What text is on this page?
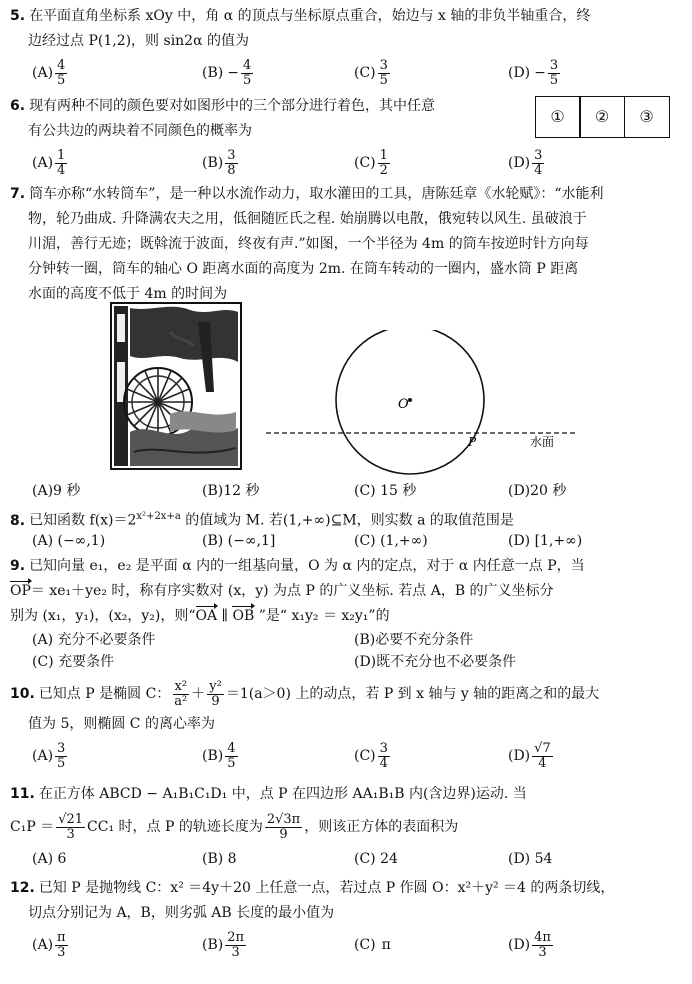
5. 在平面直角坐标系 xOy 中，角 α 的顶点与坐标原点重合，始边与 x 轴的非负半轴重合，终
边经过点 P(1,2)，则 sin2α 的值为
$(A) \frac{4}{5}$	$(B) - \frac{4}{5}$	$(C) \frac{3}{5}$	$(D) - \frac{3}{5}$
6. 现有两种不同的颜色要对如图形中的三个部分进行着色，其中任意
有公共边的两块着不同颜色的概率为
①	②	③
$(A) \frac{1}{4}$	$(B) \frac{3}{8}$	$(C) \frac{1}{2}$	$(D) \frac{3}{4}$
7. 筒车亦称“水转筒车”，是一种以水流作动力，取水灌田的工具，唐陈廷章《水轮赋》：“水能利
物，轮乃曲成. 升降满农夫之用，低徊随匠氏之程. 始崩腾以电散，俄宛转以风生. 虽破浪于
川湄，善行无迹；既斡流于波面，终夜有声.”如图，一个半径为 4m 的筒车按逆时针方向每
分钟转一圈，筒车的轴心 O 距离水面的高度为 2m. 在筒车转动的一圈内，盛水筒 P 距离
水面的高度不低于 4m 的时间为
O
P	水面
(A)9 秒	(B)12 秒	(C) 15 秒	(D)20 秒
8. 已知函数 $f(x)=2^{x^2+2x+a}$ 的值域为 M. 若(1,+∞)⊆M，则实数 a 的取值范围是
(A) (−∞,1)	(B) (−∞,1]	(C) (1,+∞)	(D) [1,+∞)
9. 已知向量 e₁，e₂ 是平面 α 内的一组基向量，O 为 α 内的定点，对于 α 内任意一点 P，当
OP＝ xe₁＋ye₂ 时，称有序实数对 (x，y) 为点 P 的广义坐标. 若点 A，B 的广义坐标分
别为 (x₁，y₁)，(x₂，y₂)，则“OA ∥ OB ”是“ x₁y₂ ＝ x₂y₁”的
(A) 充分不必要条件	(B)必要不充分条件
(C) 充要条件	(D)既不充分也不必要条件
10. 已知点 P 是椭圆 C： $\frac{\text{x²}}{\text{a²}} + \frac{\text{y²}}{9} =1(a>0)$ 上的动点，若 P 到 x 轴与 y 轴的距离之和的最大
值为 5，则椭圆 C 的离心率为
$(A) \frac{3}{5}$	$(B) \frac{4}{5}$	$(C) \frac{3}{4}$	$(D) \frac{√7}{4}$
11. 在正方体 ABCD − A₁B₁C₁D₁ 中，点 P 在四边形 AA₁B₁B 内(含边界)运动. 当
$C_1P = \frac{√21}{3} CC_1$ 时，点 P 的轨迹长度为 $\frac{2√3\pi}{9}$ ，则该正方体的表面积为
(A) 6	(B) 8	(C) 24	(D) 54
12. 已知 P 是抛物线 C：x² ＝4y＋20 上任意一点，若过点 P 作圆 O：x²＋y² ＝4 的两条切线，
切点分别记为 A，B，则劣弧 AB 长度的最小值为
$(A) \frac{\pi}{3}$	$(B) \frac{2\pi}{3}$	(C) π	$(D) \frac{4\pi}{3}$
